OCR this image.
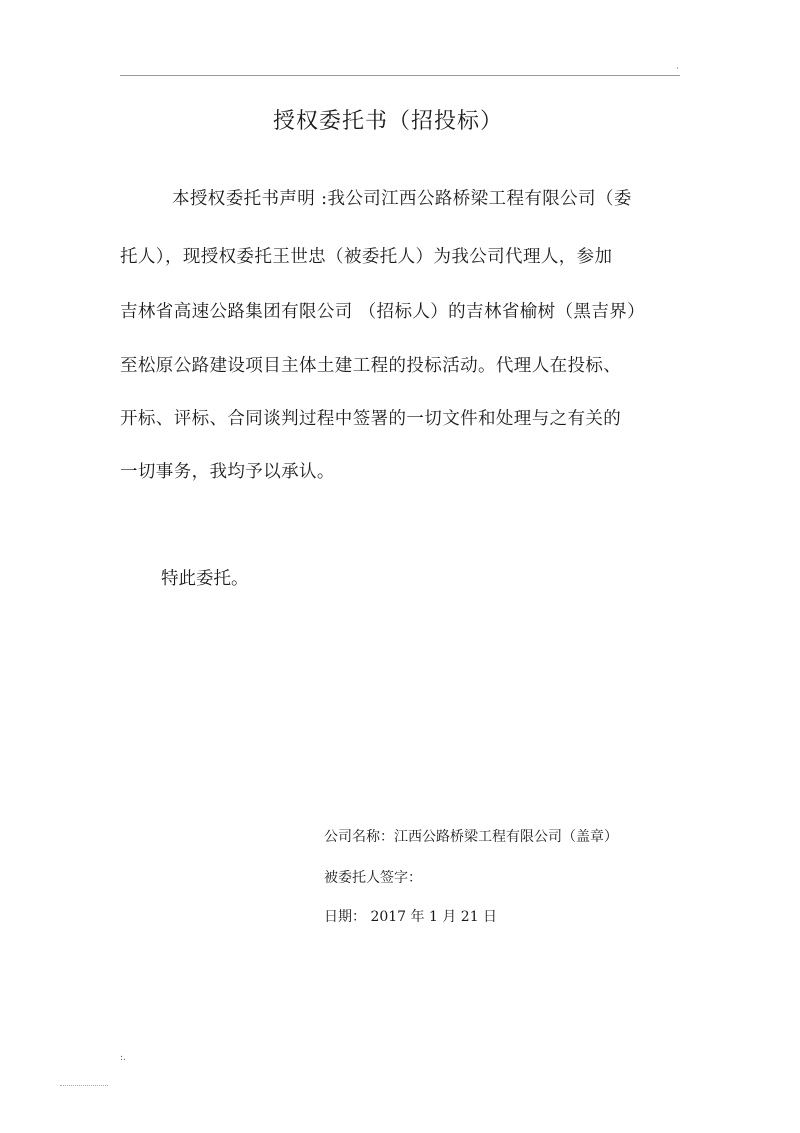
·
授权委托书（招投标）
本授权委托书声明 :我公司江西公路桥梁工程有限公司（委
托人），现授权委托王世忠（被委托人）为我公司代理人，参加
吉林省高速公路集团有限公司 （招标人）的吉林省榆树（黑吉界）
至松原公路建设项目主体土建工程的投标活动。代理人在投标、
开标、评标、合同谈判过程中签署的一切文件和处理与之有关的
一切事务，我均予以承认。
特此委托。
公司名称：江西公路桥梁工程有限公司（盖章）
被委托人签字：
日期： 2017 年 1 月 21 日
:.
